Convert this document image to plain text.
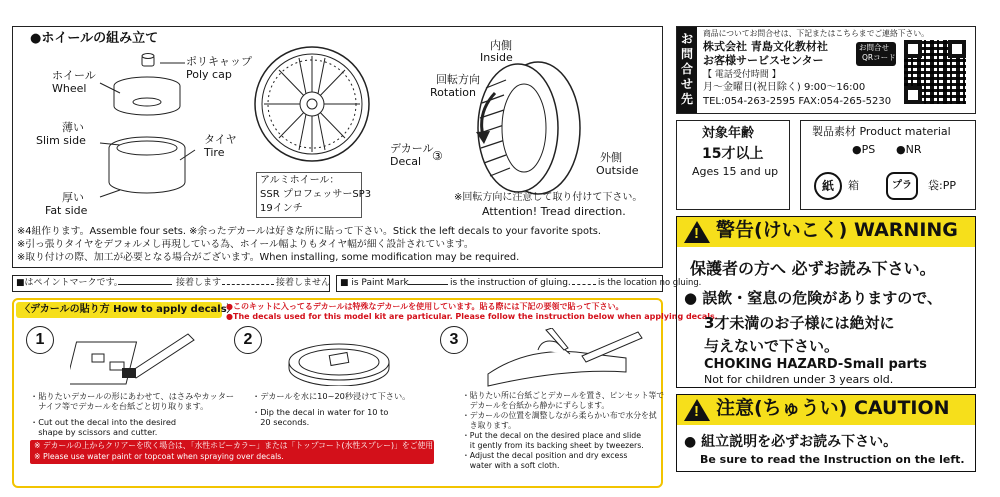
●ホイールの組み立て
ポリキャップ
Poly cap
ホイール
Wheel
薄い
Slim side	タイヤ
Tire
厚い
Fat side
アルミホイール：
SSR プロフェッサーSP3
19インチ
デカール
Decal ③
内側
Inside
回転方向
Rotation
外側
Outside
※回転方向に注意して取り付けて下さい。
Attention! Tread direction.
※4組作ります。Assemble four sets. ※余ったデカールは好きな所に貼って下さい。Stick the left decals to your favorite spots.
※引っ張りタイヤをデフォルメし再現している為、ホイール幅よりもタイヤ幅が細く設計されています。
※取り付けの際、加工が必要となる場合がございます。When installing, some modification may be required.
■はペイントマークです。	接着します	接着しません ■ is Paint Mark	is the instruction of gluing.	is the location no gluing.
〈デカールの貼り方 How to apply decals〉
●このキットに入ってるデカールは特殊なデカールを使用しています。貼る際には下記の要領で貼って下さい。
●The decals used for this model kit are particular. Please follow the instruction below when applying decals.
1	2	3
・貼りたいデカールの形にあわせて、はさみやカッター
　ナイフ等でデカールを台紙ごと切り取ります。
・Cut out the decal into the desired
　shape by scissors and cutter.
・デカールを水に10~20秒浸けて下さい。
・Dip the decal in water for 10 to
　20 seconds.
・貼りたい所に台紙ごとデカールを置き、ピンセット等で
　デカールを台紙から静かにずらします。
・デカールの位置を調整しながら柔らかい布で水分を拭
　き取ります。
・Put the decal on the desired place and slide
　it gently from its backing sheet by tweezers.
・Adjust the decal position and dry excess
　water with a soft cloth.
※ デカールの上からクリアーを吹く場合は、「水性ホビーカラー」または「トップコート(水性スプレー)」をご使用下さい。
※ Please use water paint or topcoat when spraying over decals.
お問合せ先
商品についてお問合せは、下記またはこちらまでご連絡下さい。
株式会社 青島文化教材社
お客様サービスセンター
【 電話受付時間 】
月～金曜日(祝日除く) 9:00～16:00
TEL:054-263-2595 FAX:054-265-5230
お問合せ
QRコード
対象年齢
15才以上
Ages 15 and up
製品素材 Product material
●PS ●NR
紙	箱	プラ	袋:PP
! 警告(けいこく) WARNING
保護者の方へ 必ずお読み下さい。
● 誤飲・窒息の危険がありますので、
3才未満のお子様には絶対に
与えないで下さい。
CHOKING HAZARD-Small parts
Not for children under 3 years old.
! 注意(ちゅうい) CAUTION
● 組立説明を必ずお読み下さい。
Be sure to read the Instruction on the left.
